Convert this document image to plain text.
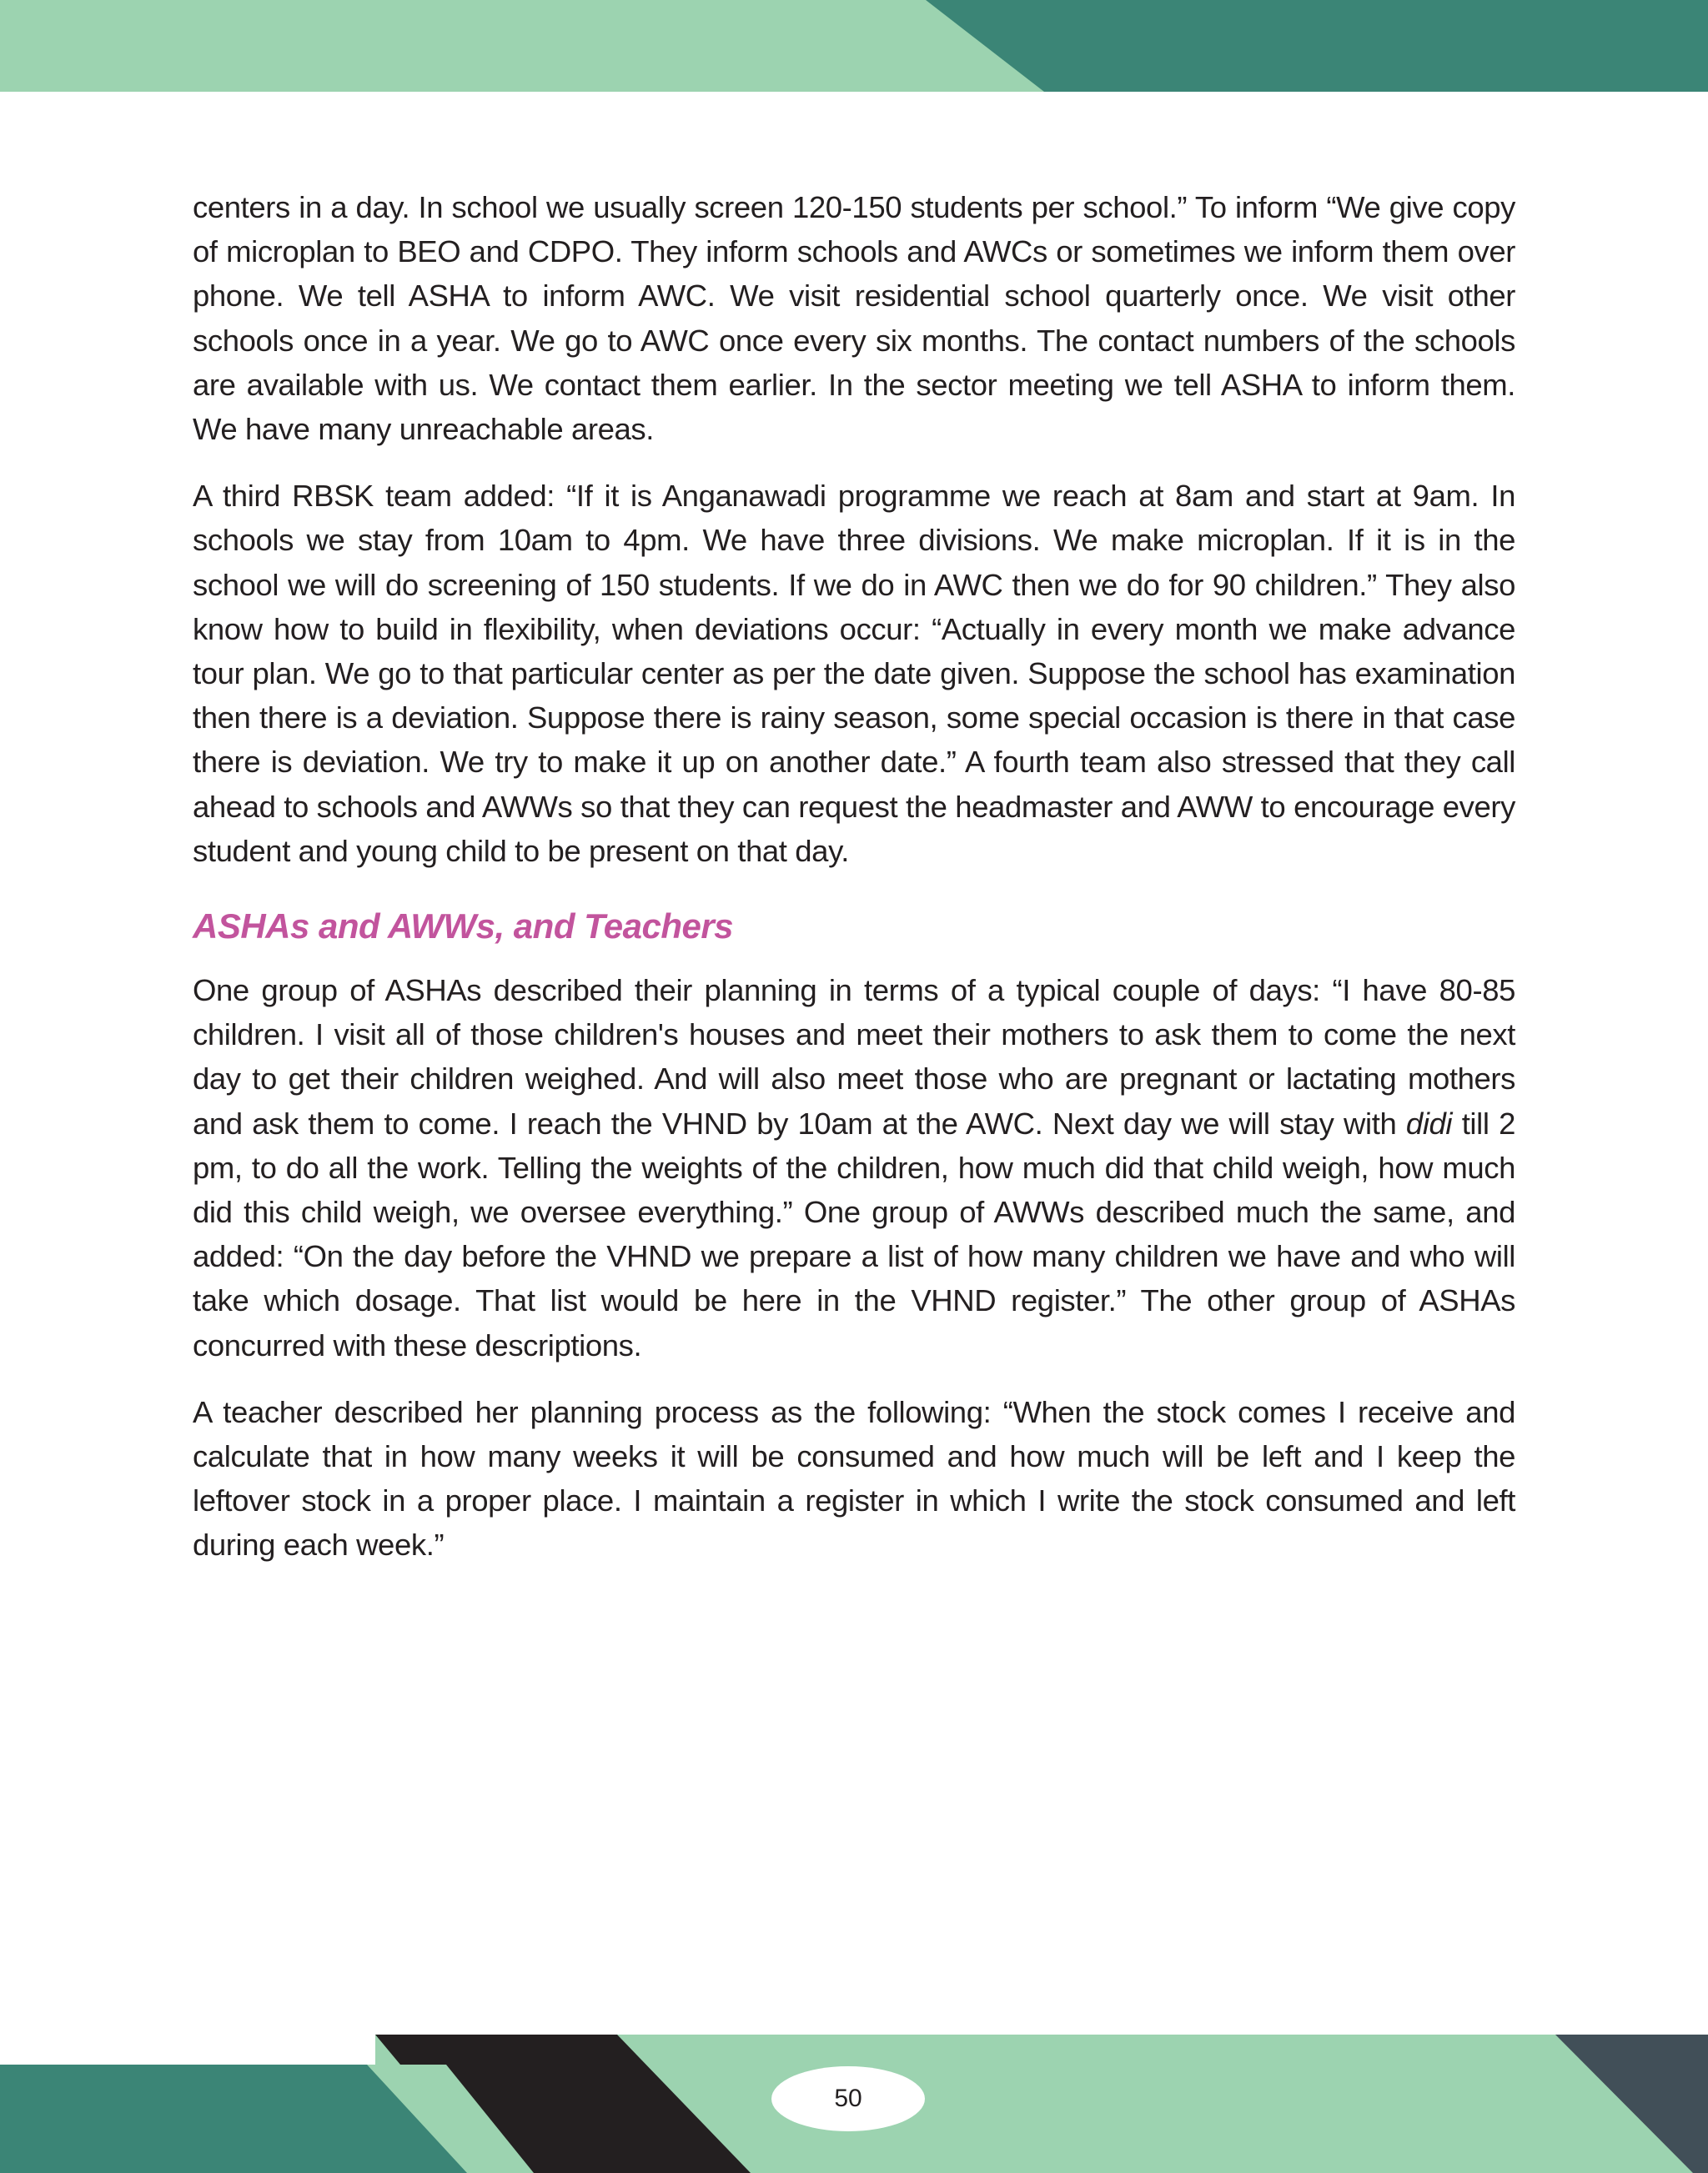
centers in a day. In school we usually screen 120-150 students per school.” To inform “We give copy of microplan to BEO and CDPO. They inform schools and AWCs or sometimes we inform them over phone. We tell ASHA to inform AWC. We visit residential school quarterly once. We visit other schools once in a year. We go to AWC once every six months. The contact numbers of the schools are available with us. We contact them earlier. In the sector meeting we tell ASHA to inform them. We have many unreachable areas.

A third RBSK team added: “If it is Anganawadi programme we reach at 8am and start at 9am. In schools we stay from 10am to 4pm. We have three divisions. We make microplan. If it is in the school we will do screening of 150 students. If we do in AWC then we do for 90 children.” They also know how to build in flexibility, when deviations occur: “Actually in every month we make advance tour plan. We go to that particular center as per the date given. Suppose the school has examination then there is a deviation. Suppose there is rainy season, some special occasion is there in that case there is deviation. We try to make it up on another date.” A fourth team also stressed that they call ahead to schools and AWWs so that they can request the headmaster and AWW to encourage every student and young child to be present on that day.

ASHAs and AWWs, and Teachers

One group of ASHAs described their planning in terms of a typical couple of days: “I have 80-85 children. I visit all of those children's houses and meet their mothers to ask them to come the next day to get their children weighed. And will also meet those who are pregnant or lactating mothers and ask them to come. I reach the VHND by 10am at the AWC. Next day we will stay with didi till 2 pm, to do all the work. Telling the weights of the children, how much did that child weigh, how much did this child weigh, we oversee everything.” One group of AWWs described much the same, and added: “On the day before the VHND we prepare a list of how many children we have and who will take which dosage. That list would be here in the VHND register.” The other group of ASHAs concurred with these descriptions.

A teacher described her planning process as the following: “When the stock comes I receive and calculate that in how many weeks it will be consumed and how much will be left and I keep the leftover stock in a proper place. I maintain a register in which I write the stock consumed and left during each week.”

50
